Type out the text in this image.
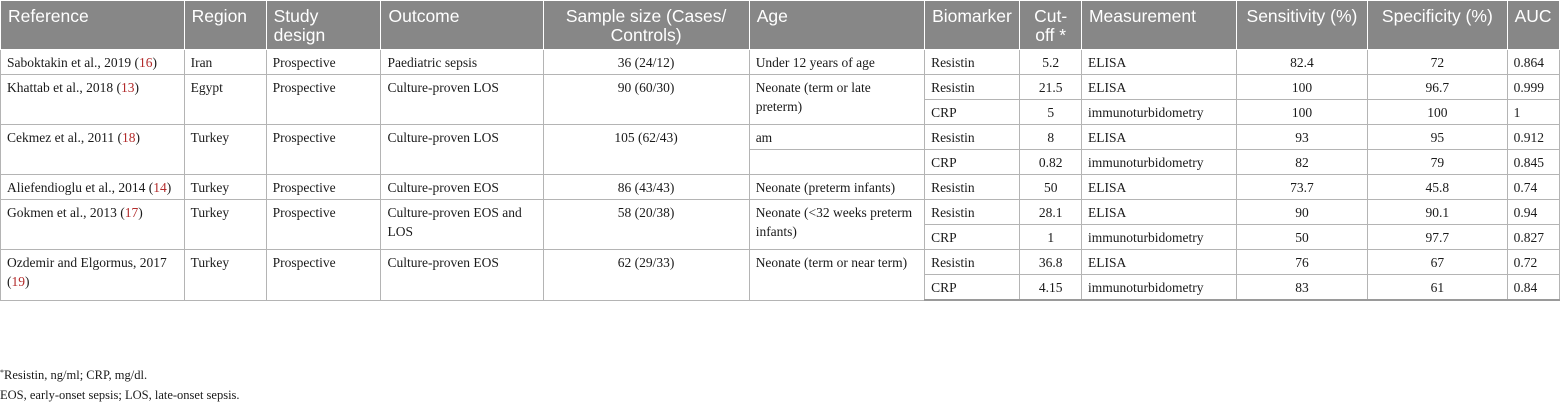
Reference	Region	Study design	Outcome	Sample size (Cases/ Controls)	Age	Biomarker	Cut-off *	Measurement	Sensitivity (%)	Specificity (%)	AUC
Saboktakin et al., 2019 (16)	Iran	Prospective	Paediatric sepsis	36 (24/12)	Under 12 years of age	Resistin	5.2	ELISA	82.4	72	0.864
Khattab et al., 2018 (13)	Egypt	Prospective	Culture-proven LOS	90 (60/30)	Neonate (term or late preterm)	Resistin	21.5	ELISA	100	96.7	0.999
						CRP	5	immunoturbidometry	100	100	1
Cekmez et al., 2011 (18)	Turkey	Prospective	Culture-proven LOS	105 (62/43)	am	Resistin	8	ELISA	93	95	0.912
						CRP	0.82	immunoturbidometry	82	79	0.845
Aliefendioglu et al., 2014 (14)	Turkey	Prospective	Culture-proven EOS	86 (43/43)	Neonate (preterm infants)	Resistin	50	ELISA	73.7	45.8	0.74
Gokmen et al., 2013 (17)	Turkey	Prospective	Culture-proven EOS and LOS	58 (20/38)	Neonate (<32 weeks preterm infants)	Resistin	28.1	ELISA	90	90.1	0.94
						CRP	1	immunoturbidometry	50	97.7	0.827
Ozdemir and Elgormus, 2017 (19)	Turkey	Prospective	Culture-proven EOS	62 (29/33)	Neonate (term or near term)	Resistin	36.8	ELISA	76	67	0.72
						CRP	4.15	immunoturbidometry	83	61	0.84
*Resistin, ng/ml; CRP, mg/dl.
EOS, early-onset sepsis; LOS, late-onset sepsis.
